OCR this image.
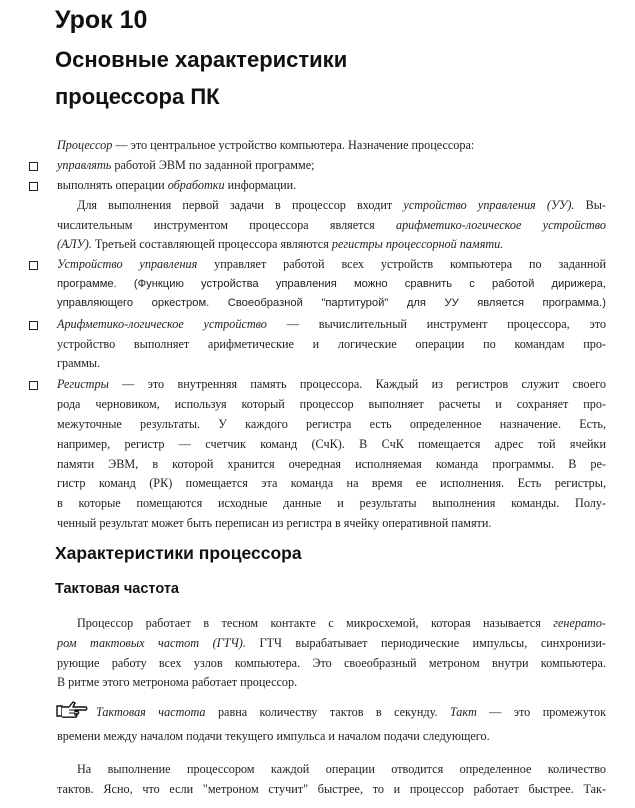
Урок 10
Основные характеристики
процессора ПК
Процессор — это центральное устройство компьютера. Назначение процессора:
управлять работой ЭВМ по заданной программе;
выполнять операции обработки информации.
Для выполнения первой задачи в процессор входит устройство управления (УУ). Вы-
числительным инструментом процессора является арифметико-логическое устройство
(АЛУ). Третьей составляющей процессора являются регистры процессорной памяти.
Устройство управления управляет работой всех устройств компьютера по заданной
программе. (Функцию устройства управления можно сравнить с работой дирижера,
управляющего оркестром. Своеобразной "партитурой" для УУ является программа.)
Арифметико-логическое устройство — вычислительный инструмент процессора, это
устройство выполняет арифметические и логические операции по командам про-
граммы.
Регистры — это внутренняя память процессора. Каждый из регистров служит своего
рода черновиком, используя который процессор выполняет расчеты и сохраняет про-
межуточные результаты. У каждого регистра есть определенное назначение. Есть,
например, регистр — счетчик команд (СчК). В СчК помещается адрес той ячейки
памяти ЭВМ, в которой хранится очередная исполняемая команда программы. В ре-
гистр команд (РК) помещается эта команда на время ее исполнения. Есть регистры,
в которые помещаются исходные данные и результаты выполнения команды. Полу-
ченный результат может быть переписан из регистра в ячейку оперативной памяти.
Характеристики процессора
Тактовая частота
Процессор работает в тесном контакте с микросхемой, которая называется генерато-
ром тактовых частот (ГТЧ). ГТЧ вырабатывает периодические импульсы, синхронизи-
рующие работу всех узлов компьютера. Это своеобразный метроном внутри компьютера.
В ритме этого метронома работает процессор.
Тактовая частота равна количеству тактов в секунду. Такт — это промежуток
времени между началом подачи текущего импульса и началом подачи следующего.
На выполнение процессором каждой операции отводится определенное количество
тактов. Ясно, что если "метроном стучит" быстрее, то и процессор работает быстрее. Так-
